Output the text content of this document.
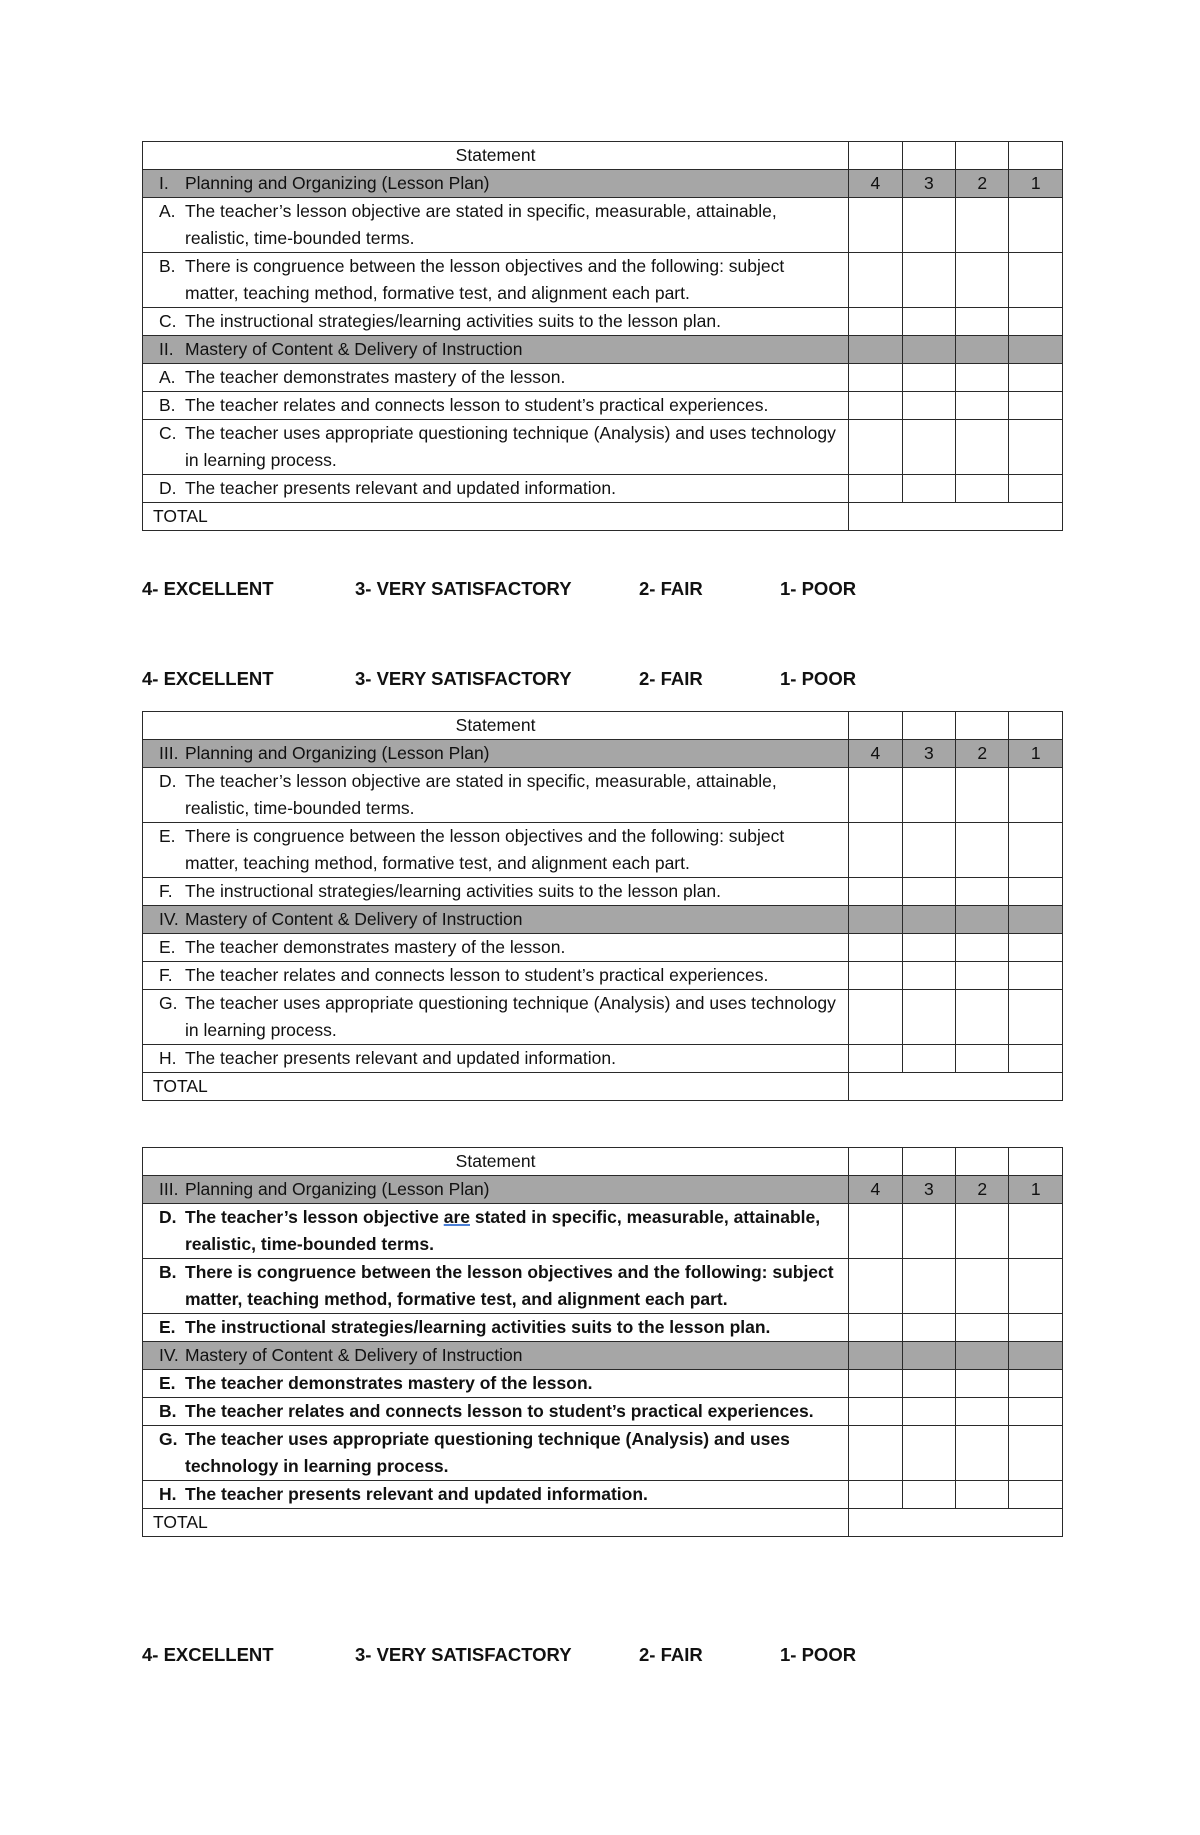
Statement				

I. Planning and Organizing (Lesson Plan)	4	3	2	1

A. The teacher’s lesson objective are stated in specific, measurable, attainable, realistic, time-bounded terms.				

B. There is congruence between the lesson objectives and the following: subject matter, teaching method, formative test, and alignment each part.				

C. The instructional strategies/learning activities suits to the lesson plan.				

II. Mastery of Content & Delivery of Instruction				

A. The teacher demonstrates mastery of the lesson.				

B. The teacher relates and connects lesson to student’s practical experiences.				

C. The teacher uses appropriate questioning technique (Analysis) and uses technology in learning process.				

D. The teacher presents relevant and updated information.				

TOTAL				
4- EXCELLENT	3- VERY SATISFACTORY	2- FAIR	1- POOR
4- EXCELLENT	3- VERY SATISFACTORY	2- FAIR	1- POOR
Statement				

III. Planning and Organizing (Lesson Plan)	4	3	2	1

D. The teacher’s lesson objective are stated in specific, measurable, attainable, realistic, time-bounded terms.				

E. There is congruence between the lesson objectives and the following: subject matter, teaching method, formative test, and alignment each part.				

F. The instructional strategies/learning activities suits to the lesson plan.				

IV. Mastery of Content & Delivery of Instruction				

E. The teacher demonstrates mastery of the lesson.				

F. The teacher relates and connects lesson to student’s practical experiences.				

G. The teacher uses appropriate questioning technique (Analysis) and uses technology in learning process.				

H. The teacher presents relevant and updated information.				

TOTAL				
Statement				

III. Planning and Organizing (Lesson Plan)	4	3	2	1

D. The teacher’s lesson objective are stated in specific, measurable, attainable, realistic, time-bounded terms.				

B. There is congruence between the lesson objectives and the following: subject matter, teaching method, formative test, and alignment each part.				

E. The instructional strategies/learning activities suits to the lesson plan.				

IV. Mastery of Content & Delivery of Instruction				

E. The teacher demonstrates mastery of the lesson.				

B. The teacher relates and connects lesson to student’s practical experiences.				

G. The teacher uses appropriate questioning technique (Analysis) and uses technology in learning process.				

H. The teacher presents relevant and updated information.				

TOTAL				
4- EXCELLENT	3- VERY SATISFACTORY	2- FAIR	1- POOR
